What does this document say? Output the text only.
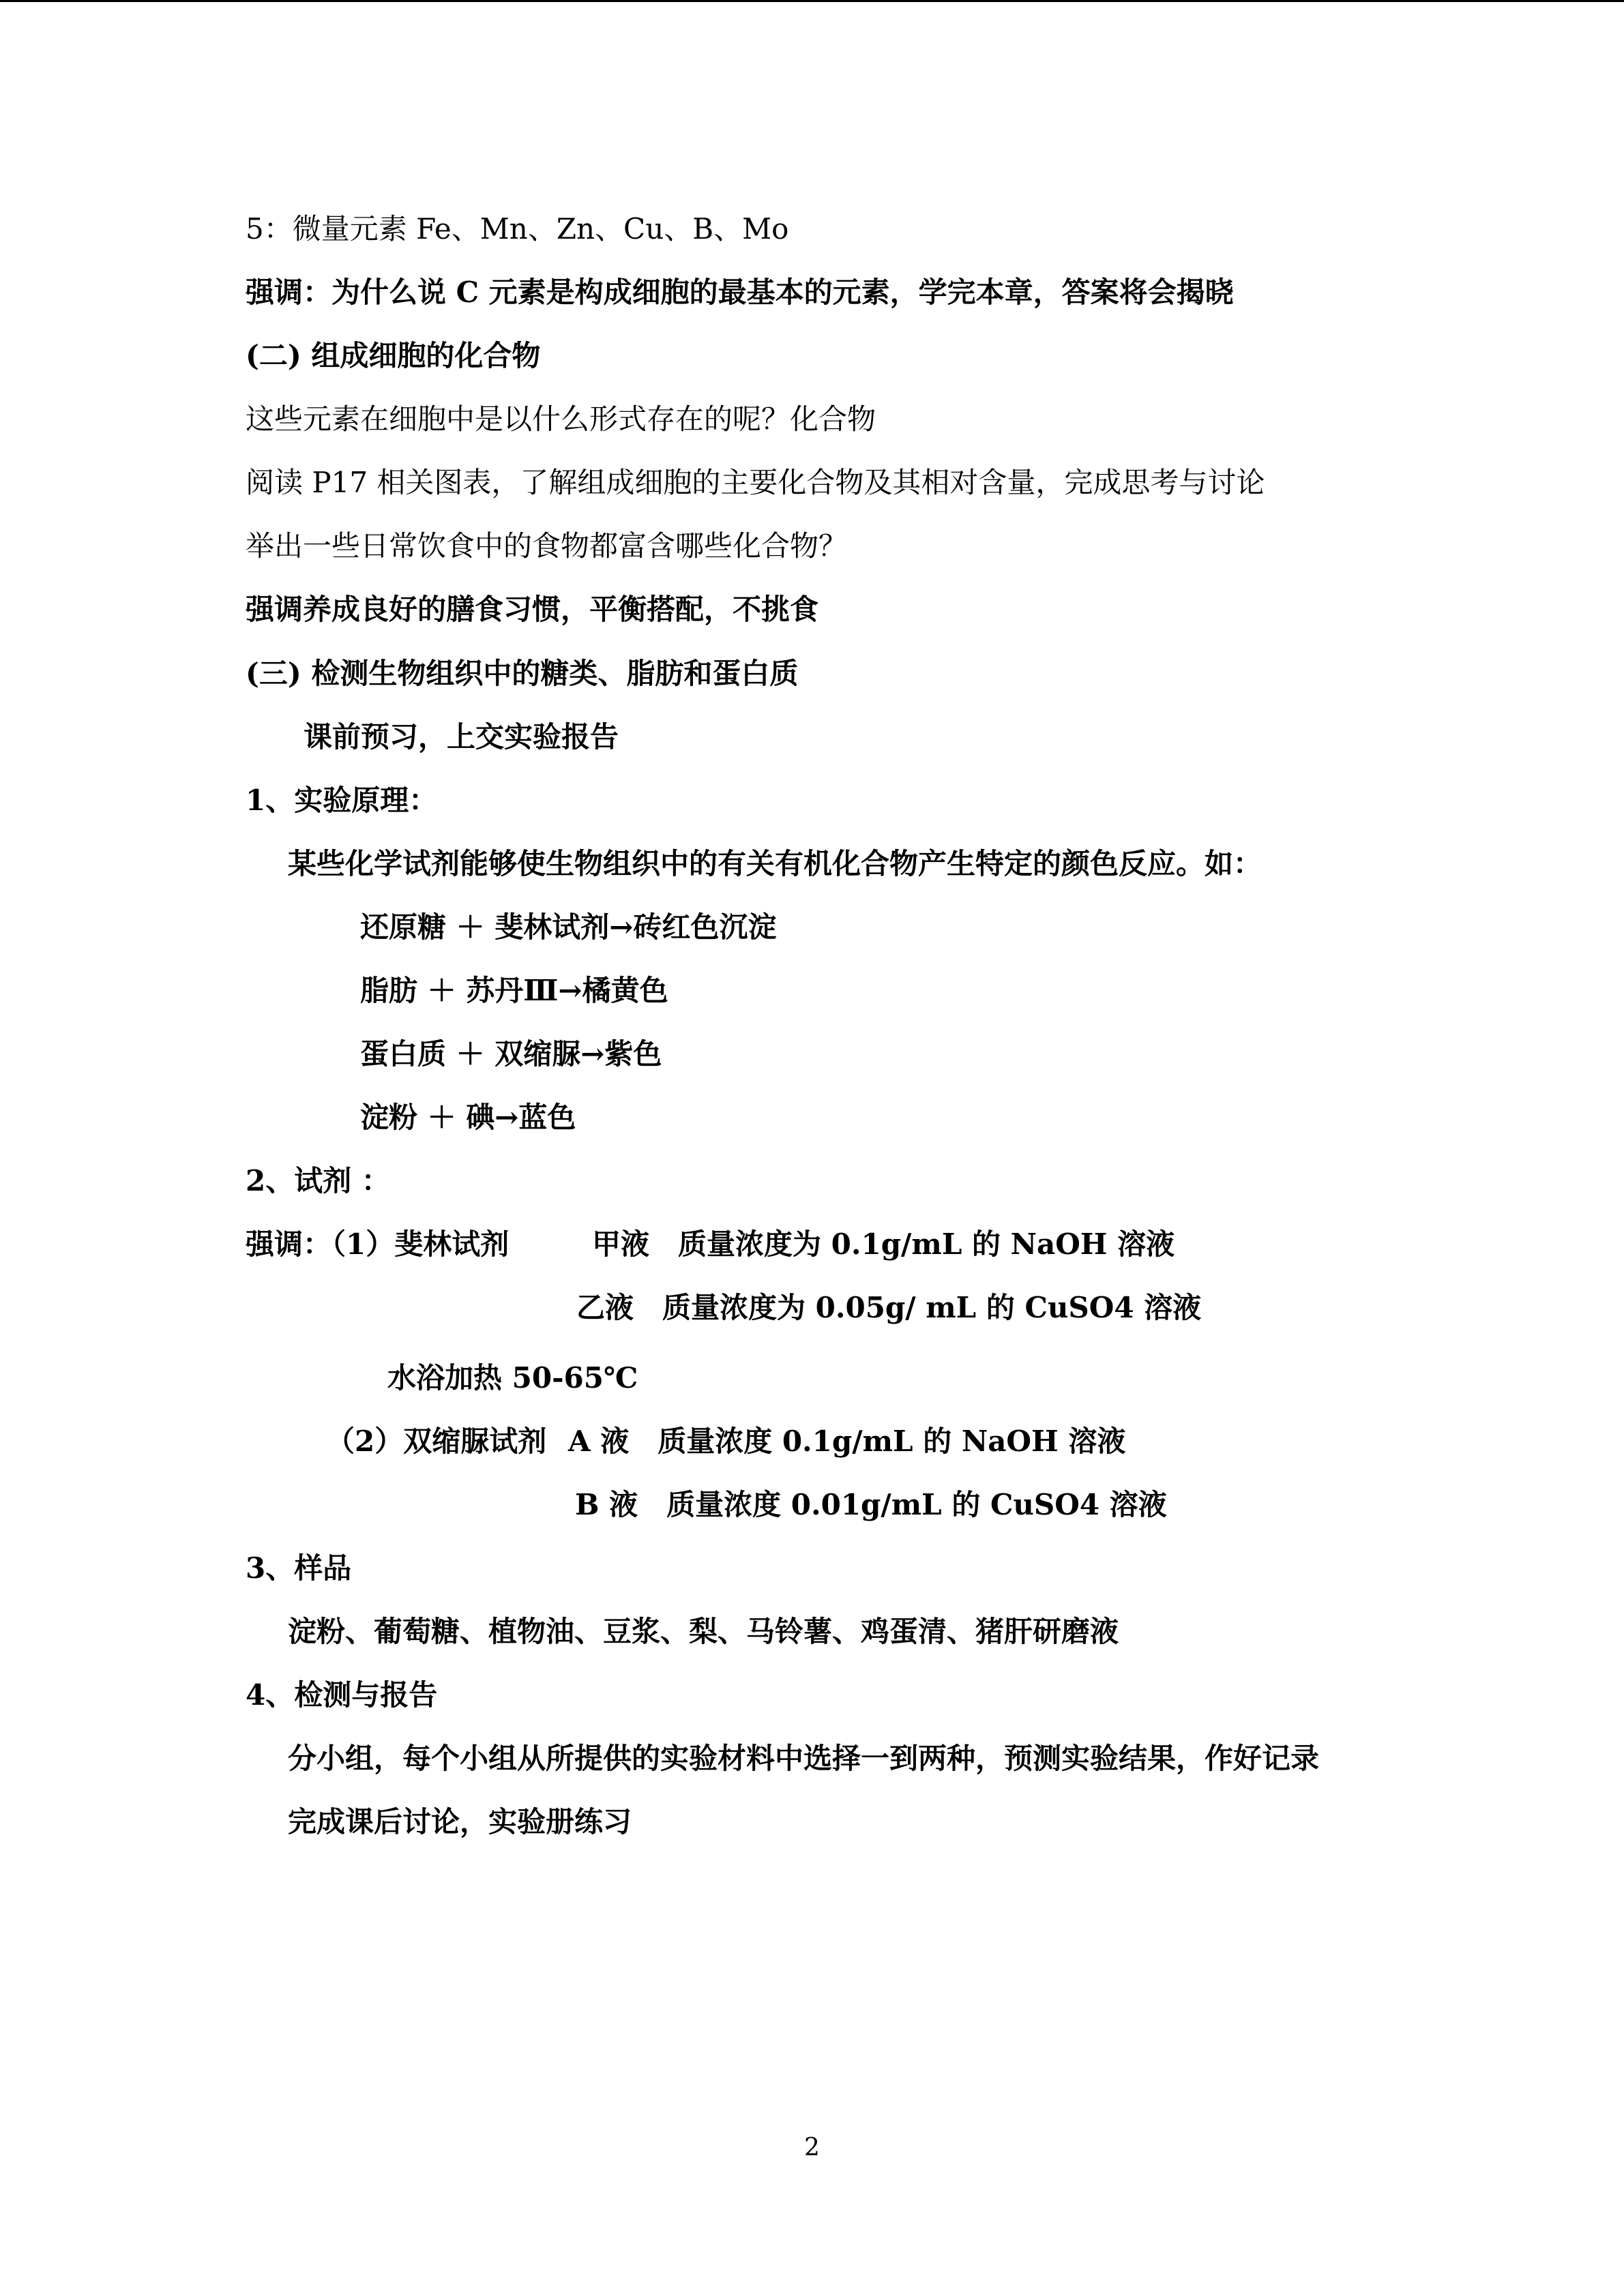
5：微量元素 Fe、Mn、Zn、Cu、B、Mo
强调：为什么说 C 元素是构成细胞的最基本的元素，学完本章，答案将会揭晓
(二) 组成细胞的化合物
这些元素在细胞中是以什么形式存在的呢？化合物
阅读 P17 相关图表，了解组成细胞的主要化合物及其相对含量，完成思考与讨论
举出一些日常饮食中的食物都富含哪些化合物？
强调养成良好的膳食习惯，平衡搭配，不挑食
(三) 检测生物组织中的糖类、脂肪和蛋白质
课前预习，上交实验报告
1、实验原理：
某些化学试剂能够使生物组织中的有关有机化合物产生特定的颜色反应。如：
还原糖 ＋ 斐林试剂→砖红色沉淀
脂肪 ＋ 苏丹Ⅲ→橘黄色
蛋白质 ＋ 双缩脲→紫色
淀粉 ＋ 碘→蓝色
2、试剂 ：
强调：（1）斐林试剂	甲液　质量浓度为 0.1g/mL 的 NaOH 溶液
乙液　质量浓度为 0.05g/ mL 的 CuSO4 溶液
水浴加热 50-65℃
（2）双缩脲试剂 A 液　质量浓度 0.1g/mL 的 NaOH 溶液
B 液　质量浓度 0.01g/mL 的 CuSO4 溶液
3、样品
淀粉、葡萄糖、植物油、豆浆、梨、马铃薯、鸡蛋清、猪肝研磨液
4、检测与报告
分小组，每个小组从所提供的实验材料中选择一到两种，预测实验结果，作好记录
完成课后讨论，实验册练习
2
